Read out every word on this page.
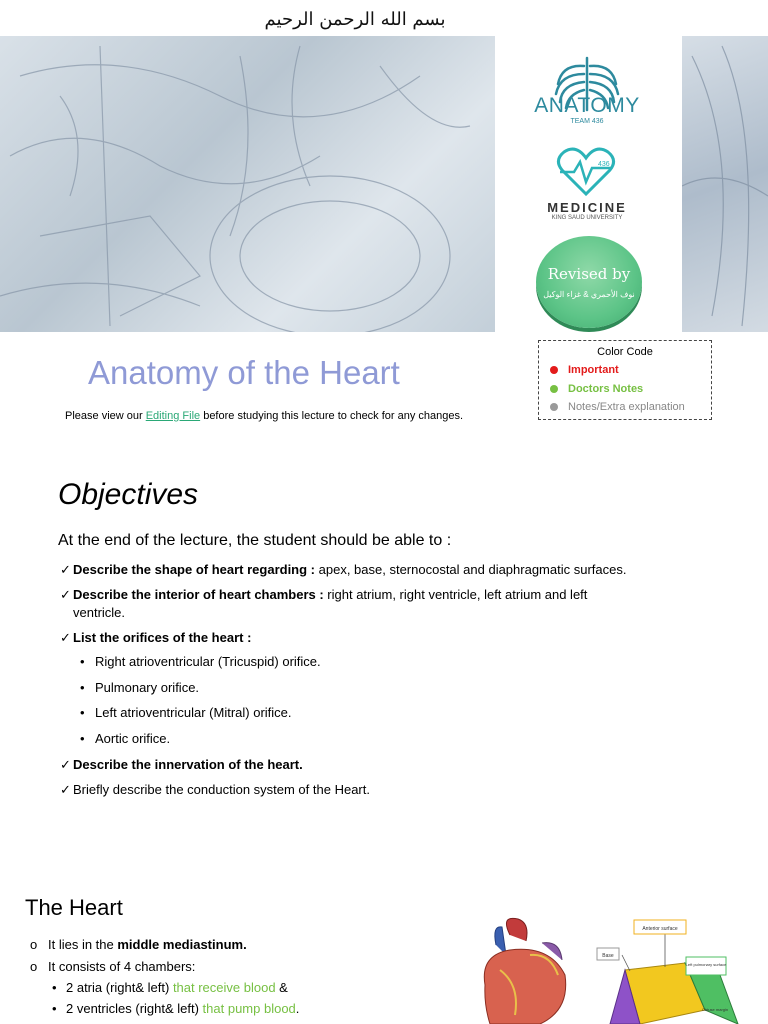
بسم الله الرحمن الرحيم
ANATOMY
TEAM 436
436
MEDICINE
KING SAUD UNIVERSITY
Revised by
نوف الأحمري & غزاء الوكيل
Anatomy of the Heart
Please view our Editing File before studying this lecture to check for any changes.
Color Code
Important
Doctors Notes
Notes/Extra explanation
Objectives
At the end of the lecture, the student should be able to :
✓ Describe the shape of heart regarding : apex, base, sternocostal and diaphragmatic surfaces.
✓ Describe the interior of heart chambers : right atrium, right ventricle, left atrium and left
ventricle.
✓ List the orifices of the heart :
• Right atrioventricular (Tricuspid) orifice.
• Pulmonary orifice.
• Left atrioventricular (Mitral) orifice.
• Aortic orifice.
✓ Describe the innervation of the heart.
✓ Briefly describe the conduction system of the Heart.
The Heart
o It lies in the middle mediastinum.
o It consists of 4 chambers:
• 2 atria (right& left) that receive blood &
• 2 ventricles (right& left) that pump blood.
Anterior surface
Base
Left pulmonary surface
Obtuse margin
